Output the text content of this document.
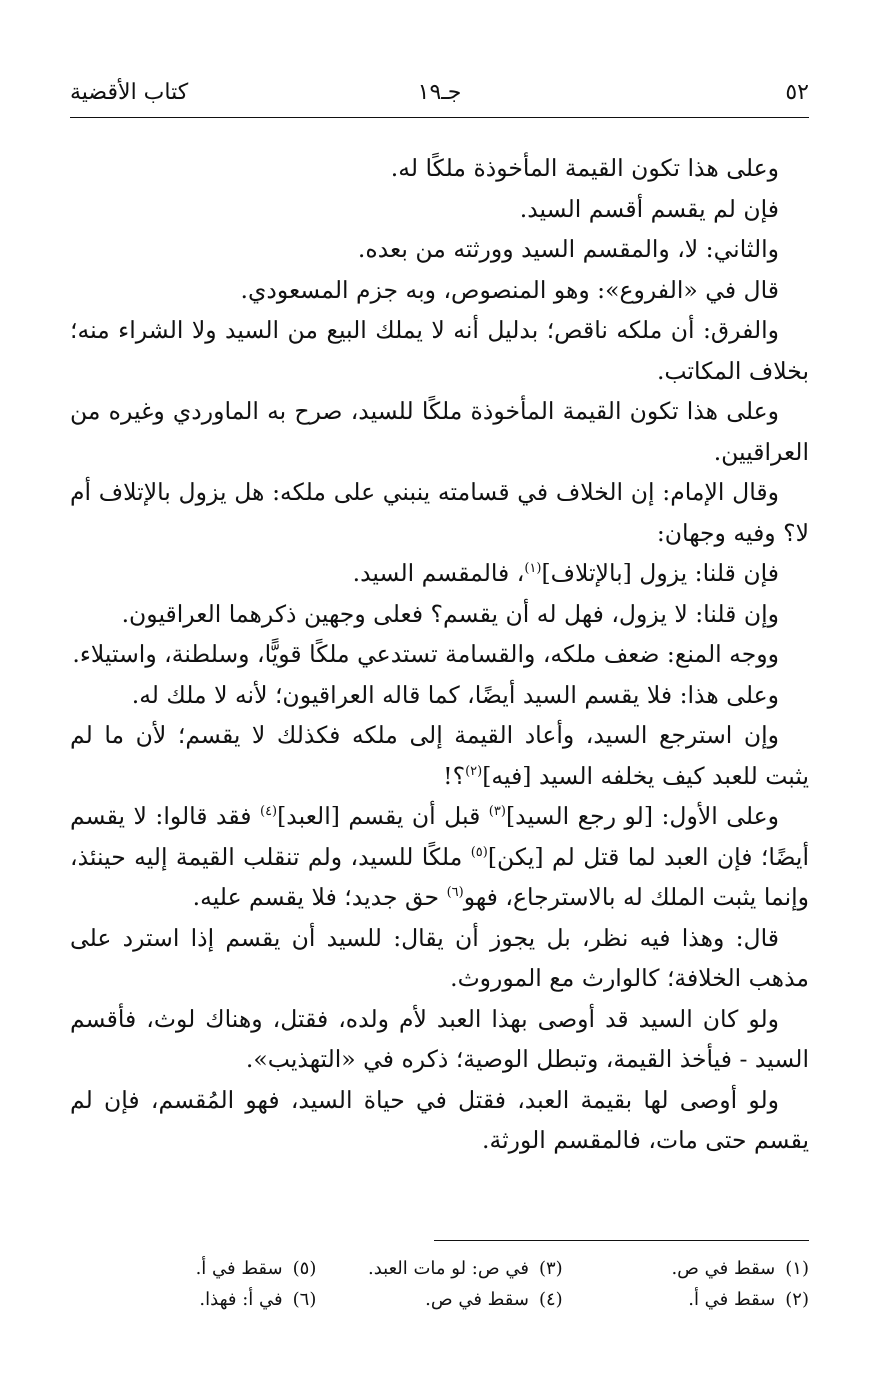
٥٢
جـ١٩
كتاب الأقضية

وعلى هذا تكون القيمة المأخوذة ملكًا له.

فإن لم يقسم أقسم السيد.

والثاني: لا، والمقسم السيد وورثته من بعده.

قال في «الفروع»: وهو المنصوص، وبه جزم المسعودي.

والفرق: أن ملكه ناقص؛ بدليل أنه لا يملك البيع من السيد ولا الشراء منه؛ بخلاف المكاتب.

وعلى هذا تكون القيمة المأخوذة ملكًا للسيد، صرح به الماوردي وغيره من العراقيين.

وقال الإمام: إن الخلاف في قسامته ينبني على ملكه: هل يزول بالإتلاف أم لا؟ وفيه وجهان:

فإن قلنا: يزول [بالإتلاف]$^{(١)}$، فالمقسم السيد.

وإن قلنا: لا يزول، فهل له أن يقسم؟ فعلى وجهين ذكرهما العراقيون.

ووجه المنع: ضعف ملكه، والقسامة تستدعي ملكًا قويًّا، وسلطنة، واستيلاء.

وعلى هذا: فلا يقسم السيد أيضًا، كما قاله العراقيون؛ لأنه لا ملك له.

وإن استرجع السيد، وأعاد القيمة إلى ملكه فكذلك لا يقسم؛ لأن ما لم يثبت للعبد كيف يخلفه السيد [فيه]$^{(٢)}$؟!

وعلى الأول: [لو رجع السيد]$^{(٣)}$ قبل أن يقسم [العبد]$^{(٤)}$ فقد قالوا: لا يقسم أيضًا؛ فإن العبد لما قتل لم [يكن]$^{(٥)}$ ملكًا للسيد، ولم تنقلب القيمة إليه حينئذ، وإنما يثبت الملك له بالاسترجاع، فهو$^{(٦)}$ حق جديد؛ فلا يقسم عليه.

قال: وهذا فيه نظر، بل يجوز أن يقال: للسيد أن يقسم إذا استرد على مذهب الخلافة؛ كالوارث مع الموروث.

ولو كان السيد قد أوصى بهذا العبد لأم ولده، فقتل، وهناك لوث، فأقسم السيد - فيأخذ القيمة، وتبطل الوصية؛ ذكره في «التهذيب».

ولو أوصى لها بقيمة العبد، فقتل في حياة السيد، فهو المُقسم، فإن لم يقسم حتى مات، فالمقسم الورثة.

(١)سقط في ص.
(٣)في ص: لو مات العبد.
(٥)سقط في أ.
(٢)سقط في أ.
(٤)سقط في ص.
(٦)في أ: فهذا.
